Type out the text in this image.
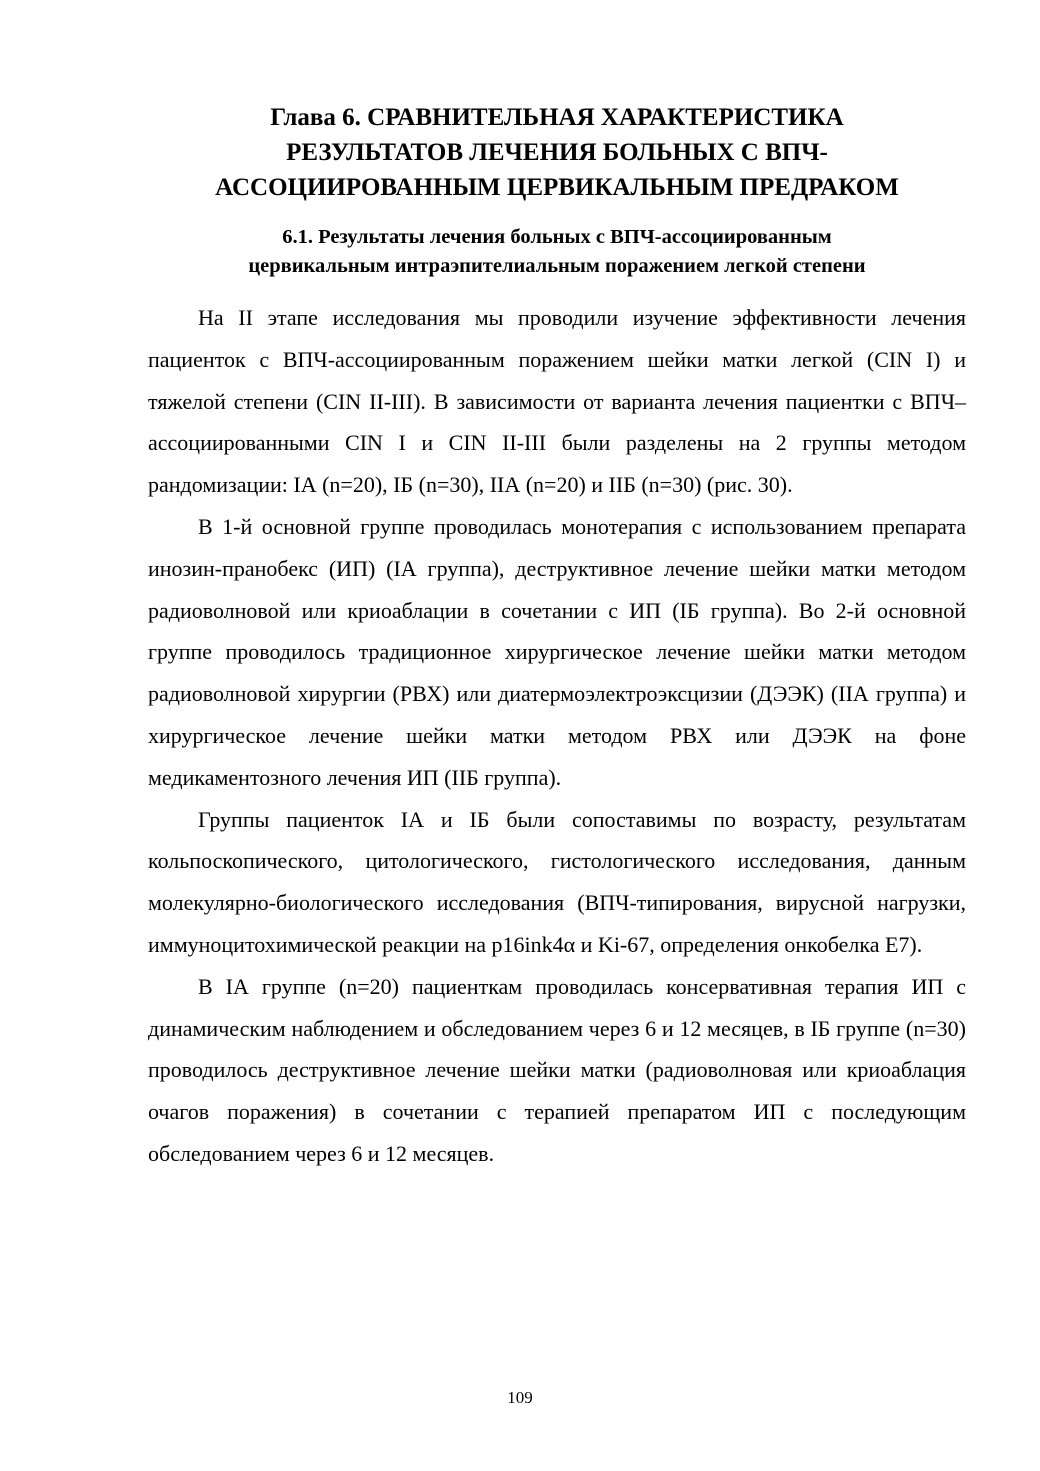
Глава 6. СРАВНИТЕЛЬНАЯ ХАРАКТЕРИСТИКА
РЕЗУЛЬТАТОВ ЛЕЧЕНИЯ БОЛЬНЫХ С ВПЧ-
АССОЦИИРОВАННЫМ ЦЕРВИКАЛЬНЫМ ПРЕДРАКОМ
6.1. Результаты лечения больных с ВПЧ-ассоциированным
цервикальным интраэпителиальным поражением легкой степени

На II этапе исследования мы проводили изучение эффективности лечения пациенток с ВПЧ-ассоциированным поражением шейки матки легкой (CIN I) и тяжелой степени (CIN II-III). В зависимости от варианта лечения пациентки с ВПЧ–ассоциированными CIN I и CIN II-III были разделены на 2 группы методом рандомизации: IА (n=20), IБ (n=30), IIА (n=20) и IIБ (n=30) (рис. 30).

В 1-й основной группе проводилась монотерапия с использованием препарата инозин-пранобекс (ИП) (IА группа), деструктивное лечение шейки матки методом радиоволновой или криоаблации в сочетании с ИП (IБ группа). Во 2-й основной группе проводилось традиционное хирургическое лечение шейки матки методом радиоволновой хирургии (РВХ) или диатермоэлектроэксцизии (ДЭЭК) (IIА группа) и хирургическое лечение шейки матки методом РВХ или ДЭЭК на фоне медикаментозного лечения ИП (IIБ группа).

Группы пациенток IА и IБ были сопоставимы по возрасту, результатам кольпоскопического, цитологического, гистологического исследования, данным молекулярно-биологического исследования (ВПЧ-типирования, вирусной нагрузки, иммуноцитохимической реакции на p16ink4α и Ki-67, определения онкобелка Е7).

В IА группе (n=20) пациенткам проводилась консервативная терапия ИП с динамическим наблюдением и обследованием через 6 и 12 месяцев, в IБ группе (n=30) проводилось деструктивное лечение шейки матки (радиоволновая или криоаблация очагов поражения) в сочетании с терапией препаратом ИП с последующим обследованием через 6 и 12 месяцев.

109
